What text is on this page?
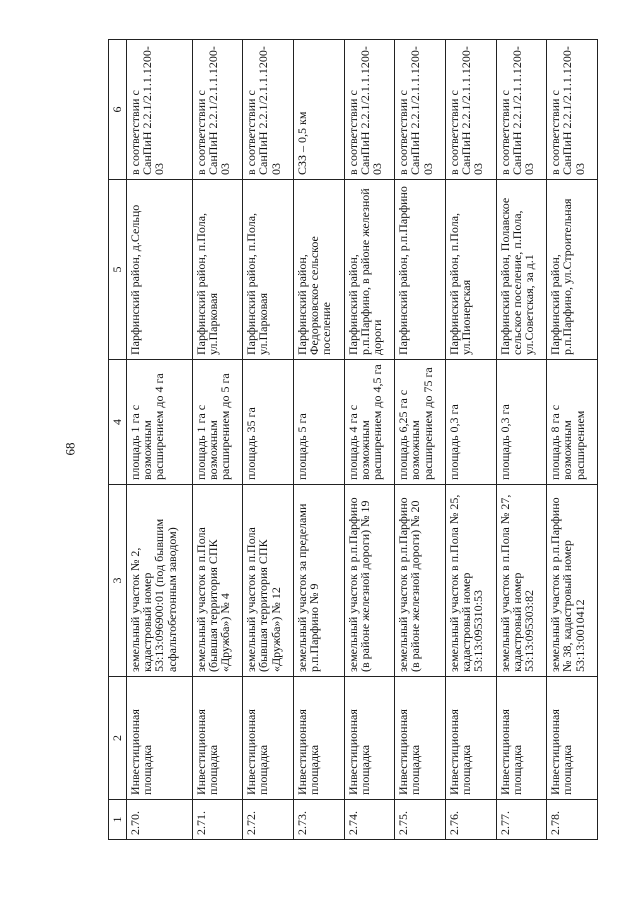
68
1	2	3	4	5	6
2.70.	Инвестиционная площадка	земельный участок № 2, кадастровый номер 53:13:096900:01 (под бывшим асфальтобетонным заводом)	площадь 1 га с возможным расширением до 4 га	Парфинский район, д.Сельцо	в соответствии с СанПиН 2.2.1/2.1.1.1200-03
2.71.	Инвестиционная площадка	земельный участок в п.Пола (бывшая территория СПК «Дружба») № 4	площадь 1 га с возможным расширением до 5 га	Парфинский район, п.Пола, ул.Парковая	в соответствии с СанПиН 2.2.1/2.1.1.1200-03
2.72.	Инвестиционная площадка	земельный участок в п.Пола (бывшая территория СПК «Дружба») № 12	площадь 35 га	Парфинский район, п.Пола, ул.Парковая	в соответствии с СанПиН 2.2.1/2.1.1.1200-03
2.73.	Инвестиционная площадка	земельный участок за пределами р.п.Парфино № 9	площадь 5 га	Парфинский район, Федорковское сельское поселение	СЗЗ – 0,5 км
2.74.	Инвестиционная площадка	земельный участок в р.п.Парфино (в районе железной дороги) № 19	площадь 4 га с возможным расширением до 4,5 га	Парфинский район, р.п.Парфино, в районе железной дороги	в соответствии с СанПиН 2.2.1/2.1.1.1200-03
2.75.	Инвестиционная площадка	земельный участок в р.п.Парфино (в районе железной дороги) № 20	площадь 6,25 га с возможным расширением до 75 га	Парфинский район, р.п.Парфино	в соответствии с СанПиН 2.2.1/2.1.1.1200-03
2.76.	Инвестиционная площадка	земельный участок в п.Пола № 25, кадастровый номер 53:13:095310:53	площадь 0,3 га	Парфинский район, п.Пола, ул.Пионерская	в соответствии с СанПиН 2.2.1/2.1.1.1200-03
2.77.	Инвестиционная площадка	земельный участок в п.Пола № 27, кадастровый номер 53:13:095303:82	площадь 0,3 га	Парфинский район, Полавское сельское поселение, п.Пола, ул.Советская, за д.1	в соответствии с СанПиН 2.2.1/2.1.1.1200-03
2.78.	Инвестиционная площадка	земельный участок в р.п.Парфино № 38, кадастровый номер 53:13:0010412	площадь 8 га с возможным расширением	Парфинский район, р.п.Парфино, ул.Строительная	в соответствии с СанПиН 2.2.1/2.1.1.1200-03
